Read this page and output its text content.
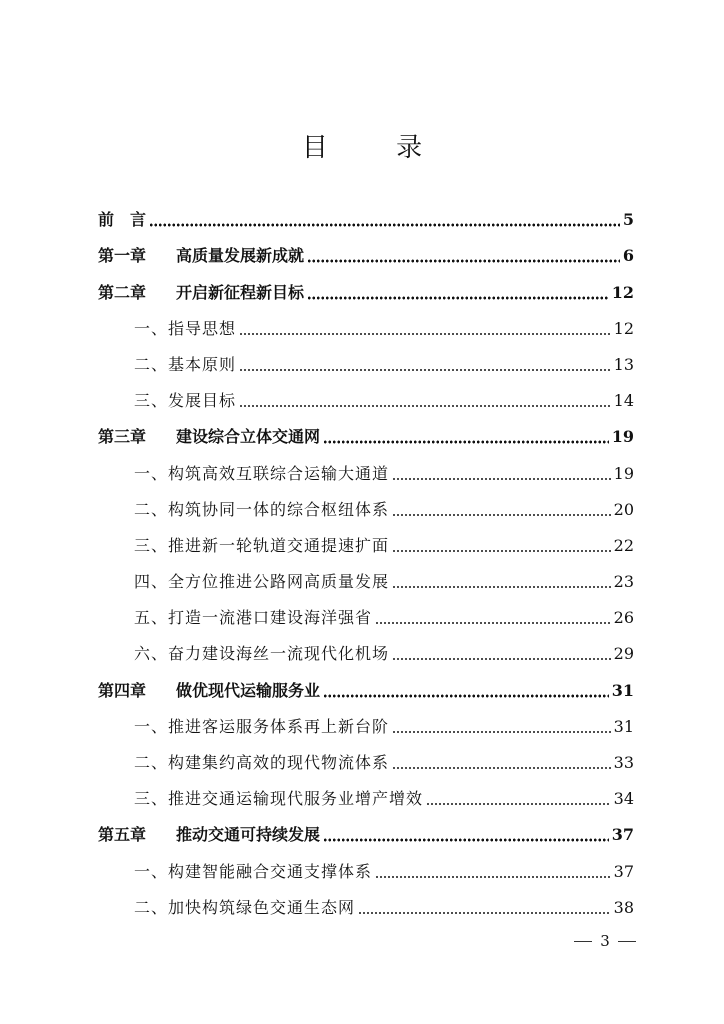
目 录
前　言	5
第一章	高质量发展新成就	6
第二章	开启新征程新目标	12
一、 指导思想	12
二、 基本原则	13
三、 发展目标	14
第三章	建设综合立体交通网	19
一、 构筑高效互联综合运输大通道	19
二、 构筑协同一体的综合枢纽体系	20
三、 推进新一轮轨道交通提速扩面	22
四、 全方位推进公路网高质量发展	23
五、 打造一流港口建设海洋强省	26
六、 奋力建设海丝一流现代化机场	29
第四章	做优现代运输服务业	31
一、 推进客运服务体系再上新台阶	31
二、 构建集约高效的现代物流体系	33
三、 推进交通运输现代服务业增产增效	34
第五章	推动交通可持续发展	37
一、 构建智能融合交通支撑体系	37
二、 加快构筑绿色交通生态网	38
3
